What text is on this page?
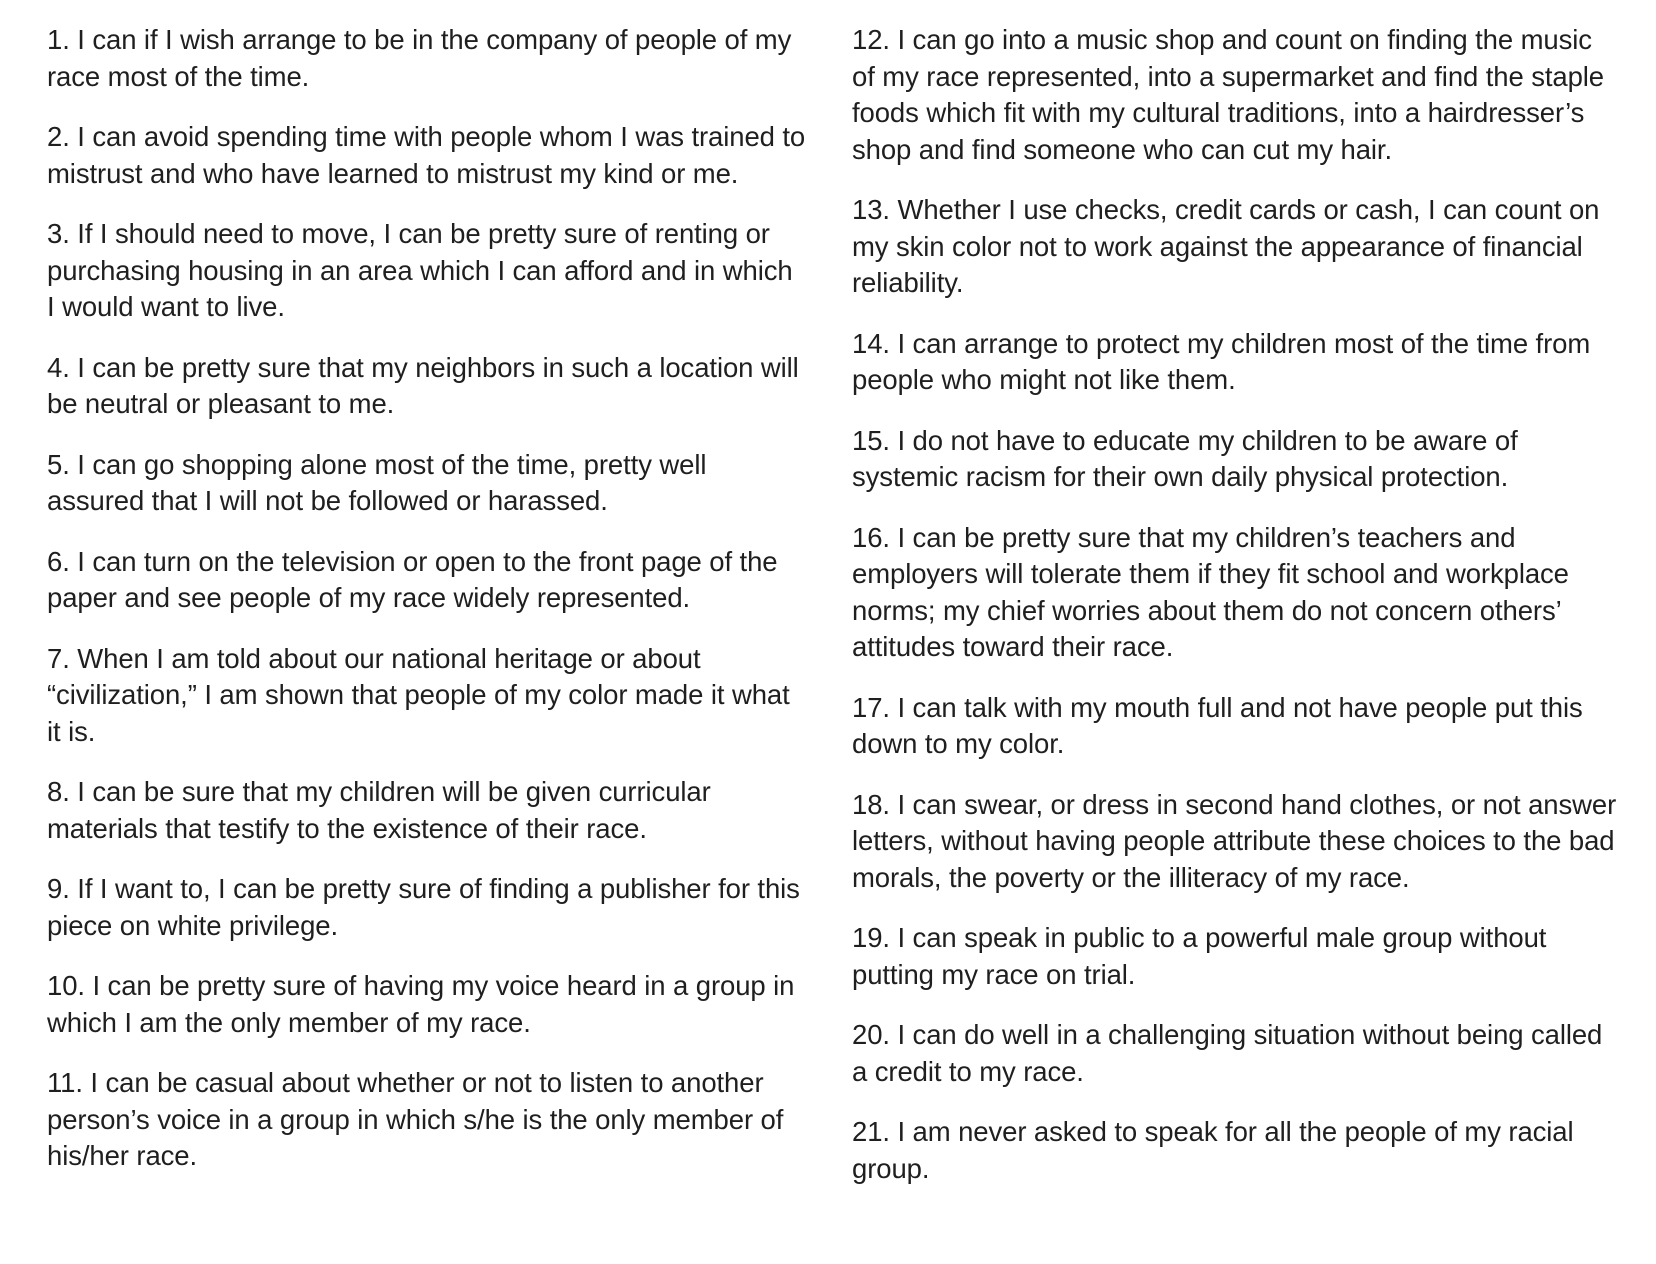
1. I can if I wish arrange to be in the company of people of my race most of the time.

2. I can avoid spending time with people whom I was trained to mistrust and who have learned to mistrust my kind or me.

3. If I should need to move, I can be pretty sure of renting or purchasing housing in an area which I can afford and in which I would want to live.

4. I can be pretty sure that my neighbors in such a location will be neutral or pleasant to me.

5. I can go shopping alone most of the time, pretty well assured that I will not be followed or harassed.

6. I can turn on the television or open to the front page of the paper and see people of my race widely represented.

7. When I am told about our national heritage or about “civilization,” I am shown that people of my color made it what it is.

8. I can be sure that my children will be given curricular materials that testify to the existence of their race.

9. If I want to, I can be pretty sure of finding a publisher for this piece on white privilege.

10. I can be pretty sure of having my voice heard in a group in which I am the only member of my race.

11. I can be casual about whether or not to listen to another person’s voice in a group in which s/he is the only member of his/her race.

12. I can go into a music shop and count on finding the music of my race represented, into a supermarket and find the staple foods which fit with my cultural traditions, into a hairdresser’s shop and find someone who can cut my hair.

13. Whether I use checks, credit cards or cash, I can count on my skin color not to work against the appearance of financial reliability.

14. I can arrange to protect my children most of the time from people who might not like them.

15. I do not have to educate my children to be aware of systemic racism for their own daily physical protection.

16. I can be pretty sure that my children’s teachers and employers will tolerate them if they fit school and workplace norms; my chief worries about them do not concern others’ attitudes toward their race.

17. I can talk with my mouth full and not have people put this down to my color.

18. I can swear, or dress in second hand clothes, or not answer letters, without having people attribute these choices to the bad morals, the poverty or the illiteracy of my race.

19. I can speak in public to a powerful male group without putting my race on trial.

20. I can do well in a challenging situation without being called a credit to my race.

21. I am never asked to speak for all the people of my racial group.
